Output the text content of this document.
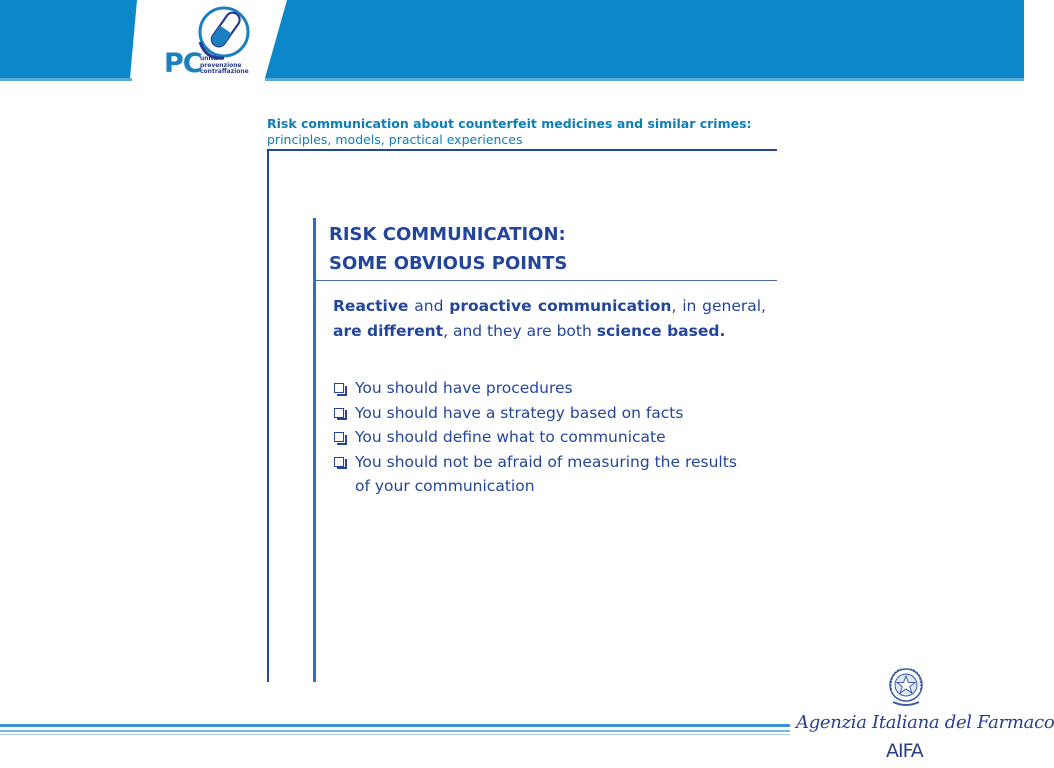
PC
unità
prevenzione
contraffazione
Risk communication about counterfeit medicines and similar crimes:
principles, models, practical experiences
RISK COMMUNICATION:
SOME OBVIOUS POINTS
Reactive and proactive communication, in general, are different, and they are both science based.
You should have procedures
You should have a strategy based on facts
You should define what to communicate
You should not be afraid of measuring the results of your communication
Agenzia Italiana del Farmaco
AIFA
